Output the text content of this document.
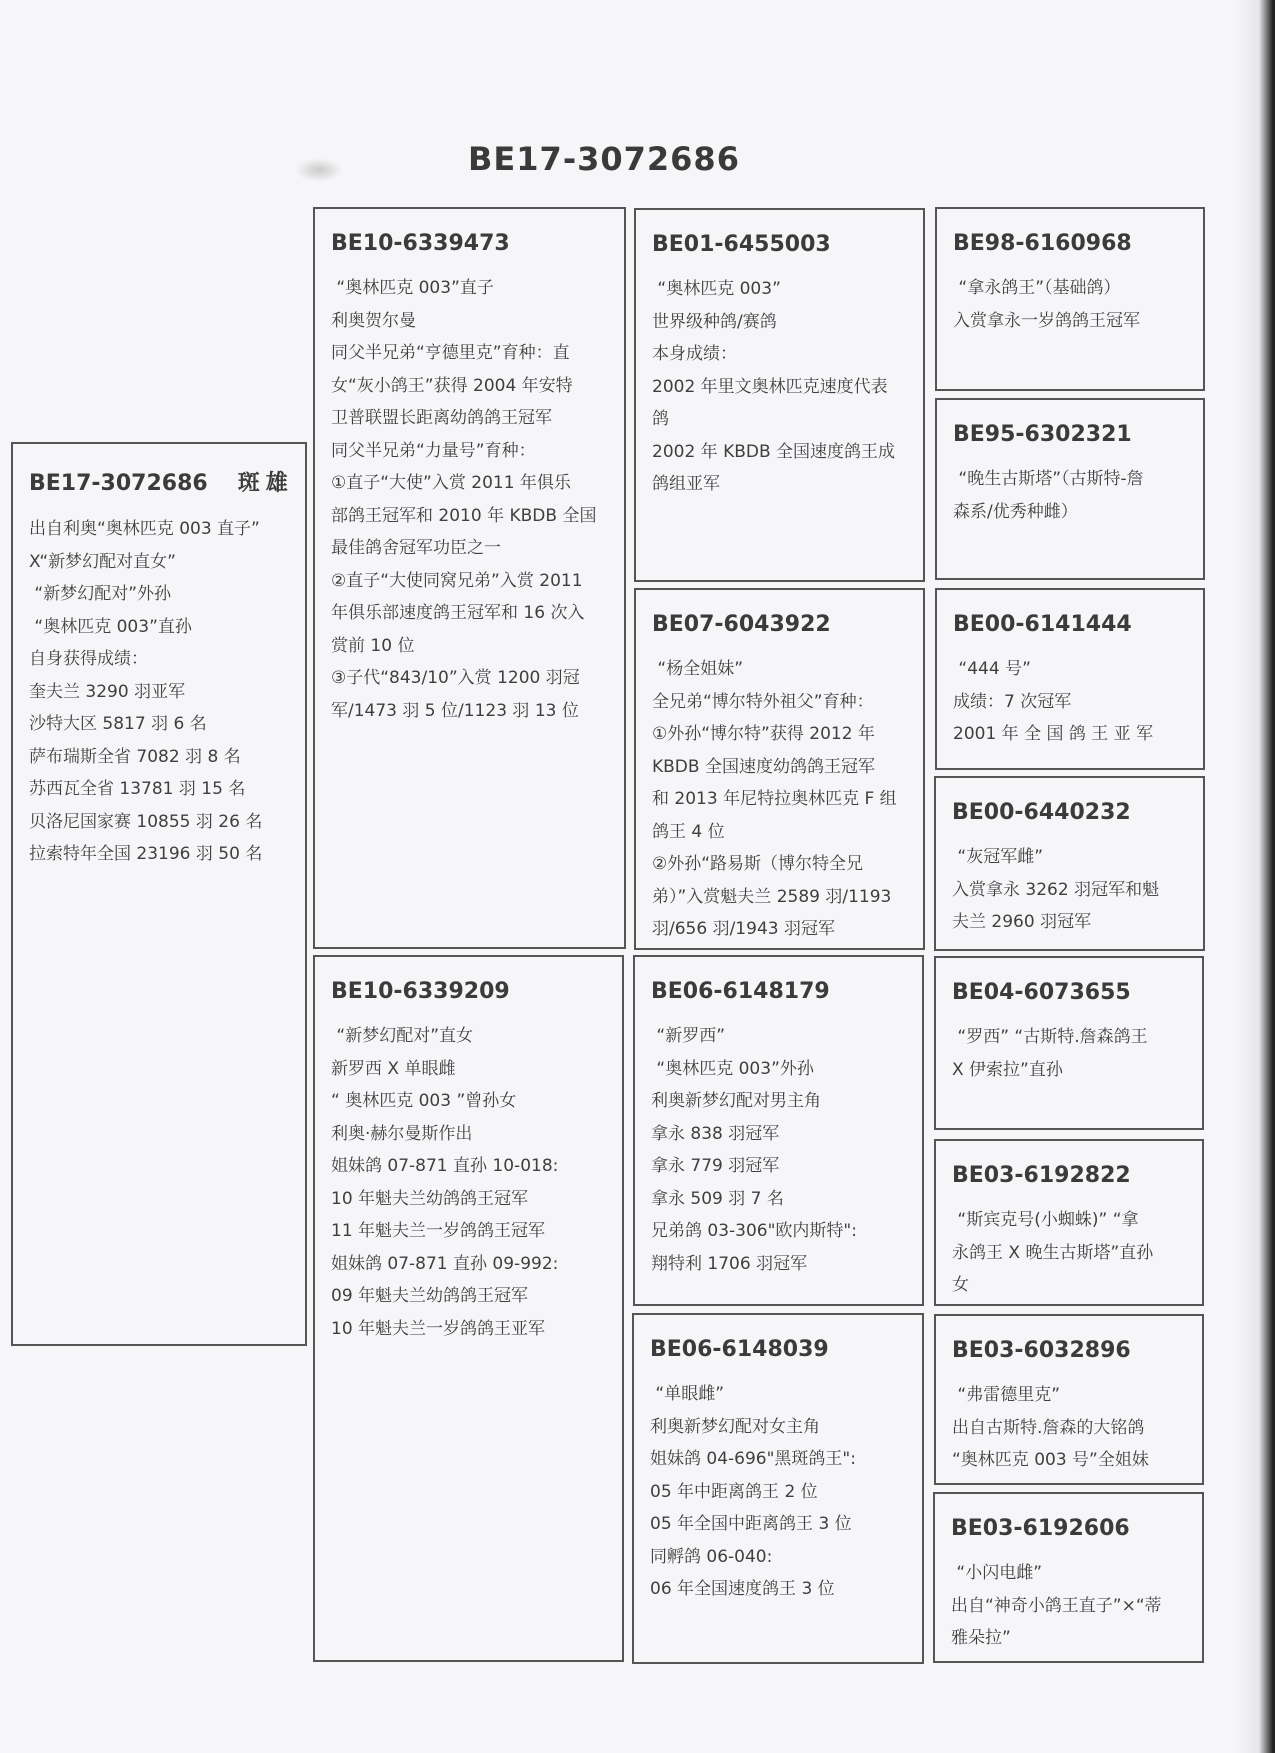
BE17-3072686
BE17-3072686 斑雄
出自利奥“奥林匹克 003 直子”
X“新梦幻配对直女”
“新梦幻配对”外孙
“奥林匹克 003”直孙
自身获得成绩：
奎夫兰 3290 羽亚军
沙特大区 5817 羽 6 名
萨布瑞斯全省 7082 羽 8 名
苏西瓦全省 13781 羽 15 名
贝洛尼国家赛 10855 羽 26 名
拉索特年全国 23196 羽 50 名
BE10-6339473
“奥林匹克 003”直子
利奥贺尔曼
同父半兄弟“亨德里克”育种：直
女“灰小鸽王”获得 2004 年安特
卫普联盟长距离幼鸽鸽王冠军
同父半兄弟“力量号”育种：
①直子“大使”入赏 2011 年俱乐
部鸽王冠军和 2010 年 KBDB 全国
最佳鸽舍冠军功臣之一
②直子“大使同窝兄弟”入赏 2011
年俱乐部速度鸽王冠军和 16 次入
赏前 10 位
③子代“843/10”入赏 1200 羽冠
军/1473 羽 5 位/1123 羽 13 位
BE10-6339209
“新梦幻配对”直女
新罗西 X 单眼雌
“ 奥林匹克 003 ”曾孙女
利奥·赫尔曼斯作出
姐妹鸽 07-871 直孙 10-018:
10 年魁夫兰幼鸽鸽王冠军
11 年魁夫兰一岁鸽鸽王冠军
姐妹鸽 07-871 直孙 09-992:
09 年魁夫兰幼鸽鸽王冠军
10 年魁夫兰一岁鸽鸽王亚军
BE01-6455003
“奥林匹克 003”
世界级种鸽/赛鸽
本身成绩：
2002 年里文奥林匹克速度代表
鸽
2002 年 KBDB 全国速度鸽王成
鸽组亚军
BE07-6043922
“杨全姐妹”
全兄弟“博尔特外祖父”育种：
①外孙“博尔特”获得 2012 年
KBDB 全国速度幼鸽鸽王冠军
和 2013 年尼特拉奥林匹克 F 组
鸽王 4 位
②外孙“路易斯（博尔特全兄
弟）”入赏魁夫兰 2589 羽/1193
羽/656 羽/1943 羽冠军
BE06-6148179
“新罗西”
“奥林匹克 003”外孙
利奥新梦幻配对男主角
拿永 838 羽冠军
拿永 779 羽冠军
拿永 509 羽 7 名
兄弟鸽 03-306"欧内斯特":
翔特利 1706 羽冠军
BE06-6148039
“单眼雌”
利奥新梦幻配对女主角
姐妹鸽 04-696"黑斑鸽王":
05 年中距离鸽王 2 位
05 年全国中距离鸽王 3 位
同孵鸽 06-040:
06 年全国速度鸽王 3 位
BE98-6160968
“拿永鸽王”（基础鸽）
入赏拿永一岁鸽鸽王冠军
BE95-6302321
“晚生古斯塔”（古斯特-詹
森系/优秀种雌）
BE00-6141444
“444 号”
成绩：7 次冠军
2001 年 全 国 鸽 王 亚 军
BE00-6440232
“灰冠军雌”
入赏拿永 3262 羽冠军和魁
夫兰 2960 羽冠军
BE04-6073655
“罗西” “古斯特.詹森鸽王
X 伊索拉”直孙
BE03-6192822
“斯宾克号(小蜘蛛)” “拿
永鸽王 X 晚生古斯塔”直孙
女
BE03-6032896
“弗雷德里克”
出自古斯特.詹森的大铭鸽
“奥林匹克 003 号”全姐妹
BE03-6192606
“小闪电雌”
出自“神奇小鸽王直子”×“蒂
雅朵拉”
